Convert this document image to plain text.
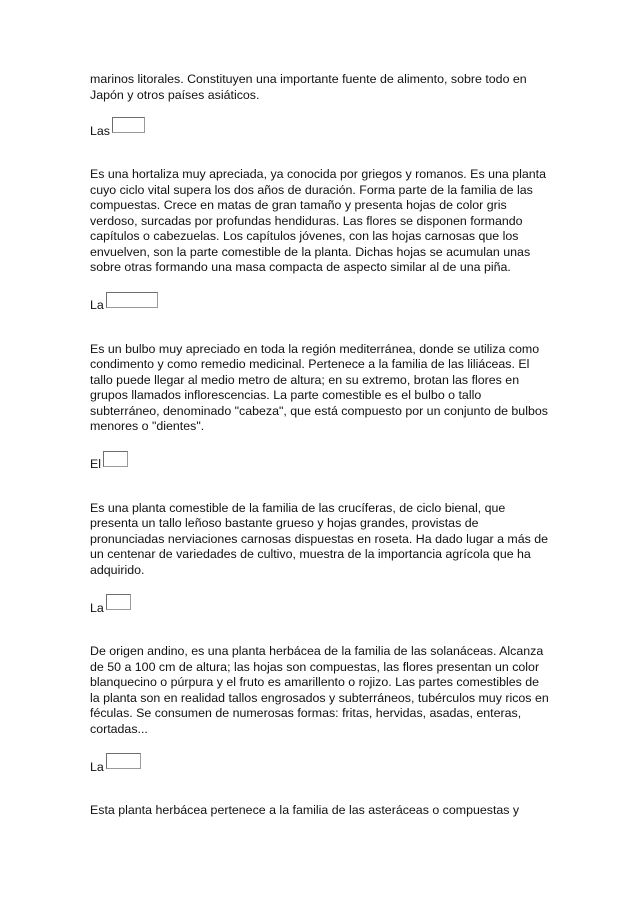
marinos litorales. Constituyen una importante fuente de alimento, sobre todo en Japón y otros países asiáticos.

Las

Es una hortaliza muy apreciada, ya conocida por griegos y romanos. Es una planta cuyo ciclo vital supera los dos años de duración. Forma parte de la familia de las compuestas. Crece en matas de gran tamaño y presenta hojas de color gris verdoso, surcadas por profundas hendiduras. Las flores se disponen formando capítulos o cabezuelas. Los capítulos jóvenes, con las hojas carnosas que los envuelven, son la parte comestible de la planta. Dichas hojas se acumulan unas sobre otras formando una masa compacta de aspecto similar al de una piña.

La

Es un bulbo muy apreciado en toda la región mediterránea, donde se utiliza como condimento y como remedio medicinal. Pertenece a la familia de las liliáceas. El tallo puede llegar al medio metro de altura; en su extremo, brotan las flores en grupos llamados inflorescencias. La parte comestible es el bulbo o tallo subterráneo, denominado "cabeza", que está compuesto por un conjunto de bulbos menores o "dientes".

El

Es una planta comestible de la familia de las crucíferas, de ciclo bienal, que presenta un tallo leñoso bastante grueso y hojas grandes, provistas de pronunciadas nerviaciones carnosas dispuestas en roseta. Ha dado lugar a más de un centenar de variedades de cultivo, muestra de la importancia agrícola que ha adquirido.

La

De origen andino, es una planta herbácea de la familia de las solanáceas. Alcanza de 50 a 100 cm de altura; las hojas son compuestas, las flores presentan un color blanquecino o púrpura y el fruto es amarillento o rojizo. Las partes comestibles de la planta son en realidad tallos engrosados y subterráneos, tubérculos muy ricos en féculas. Se consumen de numerosas formas: fritas, hervidas, asadas, enteras, cortadas...

La

Esta planta herbácea pertenece a la familia de las asteráceas o compuestas y
